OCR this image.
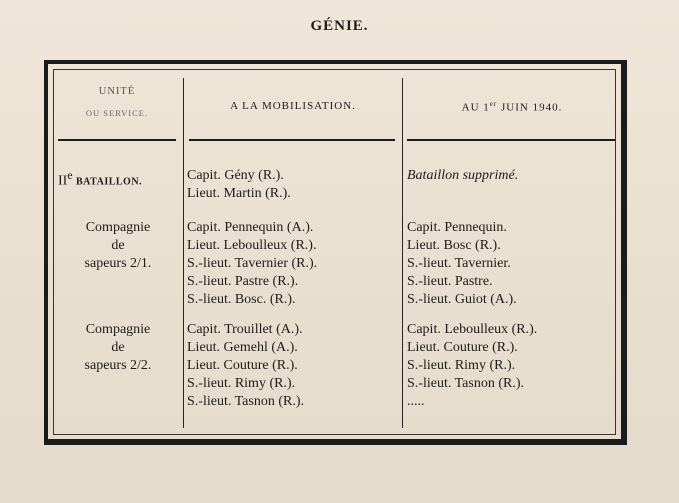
GÉNIE.
UNITÉ
OU SERVICE.
A LA MOBILISATION.	AU 1er JUIN 1940.
IIe BATAILLON.	Capit. Gény (R.).
Lieut. Martin (R.).
Bataillon supprimé.
Compagnie
de
sapeurs 2/1.
Capit. Pennequin (A.).
Lieut. Leboulleux (R.).
S.-lieut. Tavernier (R.).
S.-lieut. Pastre (R.).
S.-lieut. Bosc. (R.).
Capit. Pennequin.
Lieut. Bosc (R.).
S.-lieut. Tavernier.
S.-lieut. Pastre.
S.-lieut. Guiot (A.).
Compagnie
de
sapeurs 2/2.
Capit. Trouillet (A.).
Lieut. Gemehl (A.).
Lieut. Couture (R.).
S.-lieut. Rimy (R.).
S.-lieut. Tasnon (R.).
Capit. Leboulleux (R.).
Lieut. Couture (R.).
S.-lieut. Rimy (R.).
S.-lieut. Tasnon (R.).
.....
